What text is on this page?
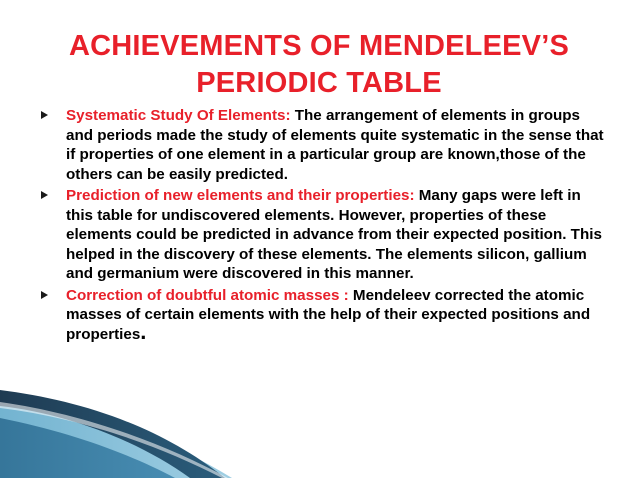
ACHIEVEMENTS OF MENDELEEV’S
PERIODIC TABLE
Systematic Study Of Elements: The arrangement of elements in groups and periods made the study of elements quite systematic in the sense that if properties of one element in a particular group are known,those of the others can be easily predicted.
Prediction of new elements and their properties: Many gaps were left in this table for undiscovered elements. However, properties of these elements could be predicted in advance from their expected position. This helped in the discovery of these elements. The elements silicon, gallium and germanium were discovered in this manner.
Correction of doubtful atomic masses : Mendeleev corrected the atomic masses of certain elements with the help of their expected positions and properties.
